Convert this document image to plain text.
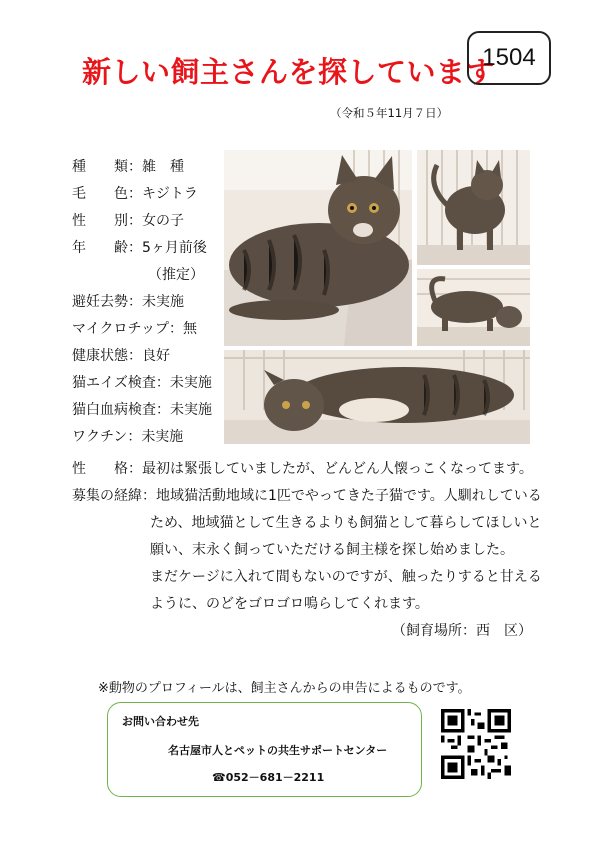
新しい飼主さんを探しています
1504
（令和５年11月７日）
種　　類：雑　種
毛　　色：キジトラ
性　　別：女の子
年　　齢：5ヶ月前後
（推定）
避妊去勢：未実施
マイクロチップ：無
健康状態：良好
猫エイズ検査：未実施
猫白血病検査：未実施
ワクチン：未実施
性　　格：最初は緊張していましたが、どんどん人懐っこくなってます。
募集の経緯：地域猫活動地域に1匹でやってきた子猫です。人馴れしている
ため、地域猫として生きるよりも飼猫として暮らしてほしいと
願い、末永く飼っていただける飼主様を探し始めました。
まだケージに入れて間もないのですが、触ったりすると甘える
ように、のどをゴロゴロ鳴らしてくれます。
（飼育場所：西　区）
※動物のプロフィールは、飼主さんからの申告によるものです。
お問い合わせ先
名古屋市人とペットの共生サポートセンター
☎052－681－2211
